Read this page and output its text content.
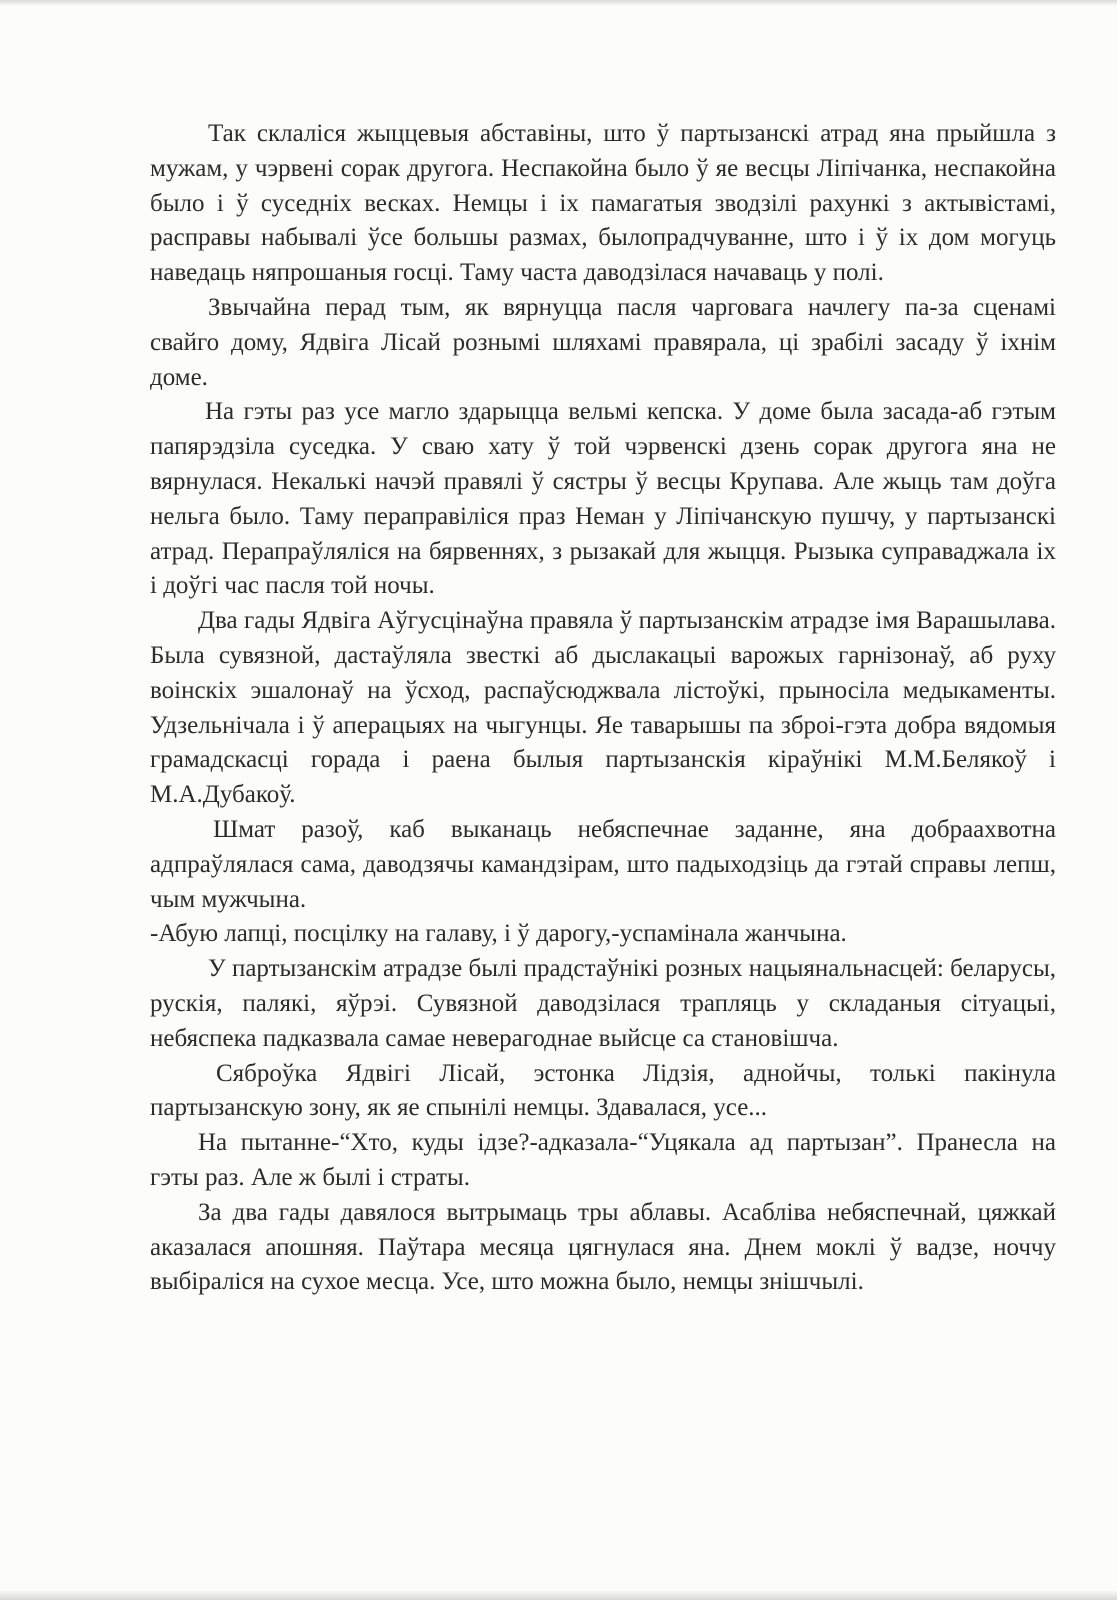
Так склаліся жыццевыя абставіны, што ў партызанскі атрад яна прыйшла з мужам, у чэрвені сорак другога. Неспакойна было ў яе весцы Ліпічанка, неспакойна было і ў суседніх весках. Немцы і іх памагатыя зводзілі рахункі з актывістамі, расправы набывалі ўсе большы размах, былопрадчуванне, што і ў іх дом могуць наведаць няпрошаныя госці. Таму часта даводзілася начаваць у полі.

Звычайна перад тым, як вярнуцца пасля чарговага начлегу па-за сценамі свайго дому, Ядвіга Лісай рознымі шляхамі правярала, ці зрабілі засаду ў іхнім доме.

На гэты раз усе магло здарыцца вельмі кепска. У доме была засада-аб гэтым папярэдзіла суседка. У сваю хату ў той чэрвенскі дзень сорак другога яна не вярнулася. Некалькі начэй правялі ў сястры ў весцы Крупава. Але жыць там доўга нельга было. Таму пераправіліся праз Неман у Ліпічанскую пушчу, у партызанскі атрад. Перапраўляліся на бярвеннях, з рызакай для жыцця. Рызыка суправаджала іх і доўгі час пасля той ночы.

Два гады Ядвіга Аўгусцінаўна правяла ў партызанскім атрадзе імя Варашылава. Была сувязной, дастаўляла звесткі аб дыслакацыі варожых гарнізонаў, аб руху воінскіх эшалонаў на ўсход, распаўсюджвала лістоўкі, прыносіла медыкаменты. Удзельнічала і ў аперацыях на чыгунцы. Яе таварышы па зброі-гэта добра вядомыя грамадскасці горада і раена былыя партызанскія кіраўнікі М.М.Белякоў і М.А.Дубакоў.

Шмат разоў, каб выканаць небяспечнае заданне, яна добраахвотна адпраўлялася сама, даводзячы камандзірам, што падыходзіць да гэтай справы лепш, чым мужчына.

-Абую лапці, посцілку на галаву, і ў дарогу,-успамінала жанчына.

У партызанскім атрадзе былі прадстаўнікі розных нацыянальнасцей: беларусы, рускія, палякі, яўрэі. Сувязной даводзілася трапляць у складаныя сітуацыі, небяспека падказвала самае неверагоднае выйсце са становішча.

Сяброўка Ядвігі Лісай, эстонка Лідзія, аднойчы, толькі пакінула партызанскую зону, як яе спынілі немцы. Здавалася, усе...

На пытанне-“Хто, куды ідзе?-адказала-“Уцякала ад партызан”. Пранесла на гэты раз. Але ж былі і страты.

За два гады давялося вытрымаць тры аблавы. Асабліва небяспечнай, цяжкай аказалася апошняя. Паўтара месяца цягнулася яна. Днем моклі ў вадзе, ноччу выбіраліся на сухое месца. Усе, што можна было, немцы знішчылі.
